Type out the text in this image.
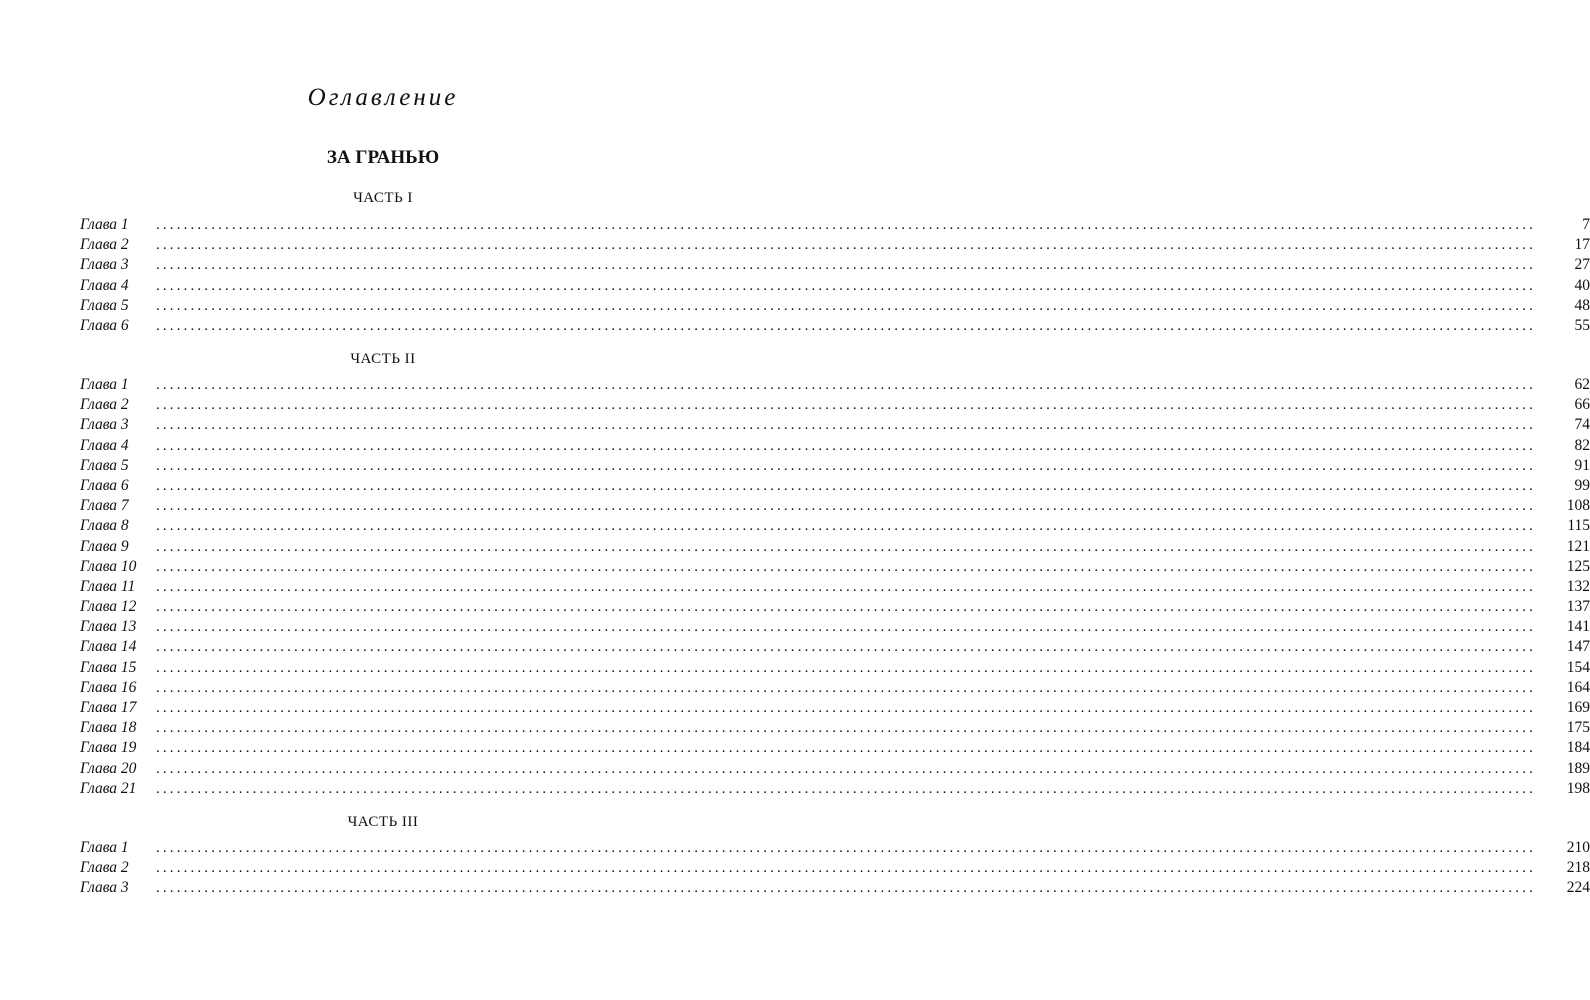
Оглавление
ЗА ГРАНЬЮ
ЧАСТЬ I
Глава 1	........................................................................................................................................................................................................	7
Глава 2	........................................................................................................................................................................................................	17
Глава 3	........................................................................................................................................................................................................	27
Глава 4	........................................................................................................................................................................................................	40
Глава 5	........................................................................................................................................................................................................	48
Глава 6	........................................................................................................................................................................................................	55
ЧАСТЬ II
Глава 1	........................................................................................................................................................................................................	62
Глава 2	........................................................................................................................................................................................................	66
Глава 3	........................................................................................................................................................................................................	74
Глава 4	........................................................................................................................................................................................................	82
Глава 5	........................................................................................................................................................................................................	91
Глава 6	........................................................................................................................................................................................................	99
Глава 7	........................................................................................................................................................................................................	108
Глава 8	........................................................................................................................................................................................................	115
Глава 9	........................................................................................................................................................................................................	121
Глава 10	........................................................................................................................................................................................................	125
Глава 11	........................................................................................................................................................................................................	132
Глава 12	........................................................................................................................................................................................................	137
Глава 13	........................................................................................................................................................................................................	141
Глава 14	........................................................................................................................................................................................................	147
Глава 15	........................................................................................................................................................................................................	154
Глава 16	........................................................................................................................................................................................................	164
Глава 17	........................................................................................................................................................................................................	169
Глава 18	........................................................................................................................................................................................................	175
Глава 19	........................................................................................................................................................................................................	184
Глава 20	........................................................................................................................................................................................................	189
Глава 21	........................................................................................................................................................................................................	198
ЧАСТЬ III
Глава 1	........................................................................................................................................................................................................	210
Глава 2	........................................................................................................................................................................................................	218
Глава 3	........................................................................................................................................................................................................	224
